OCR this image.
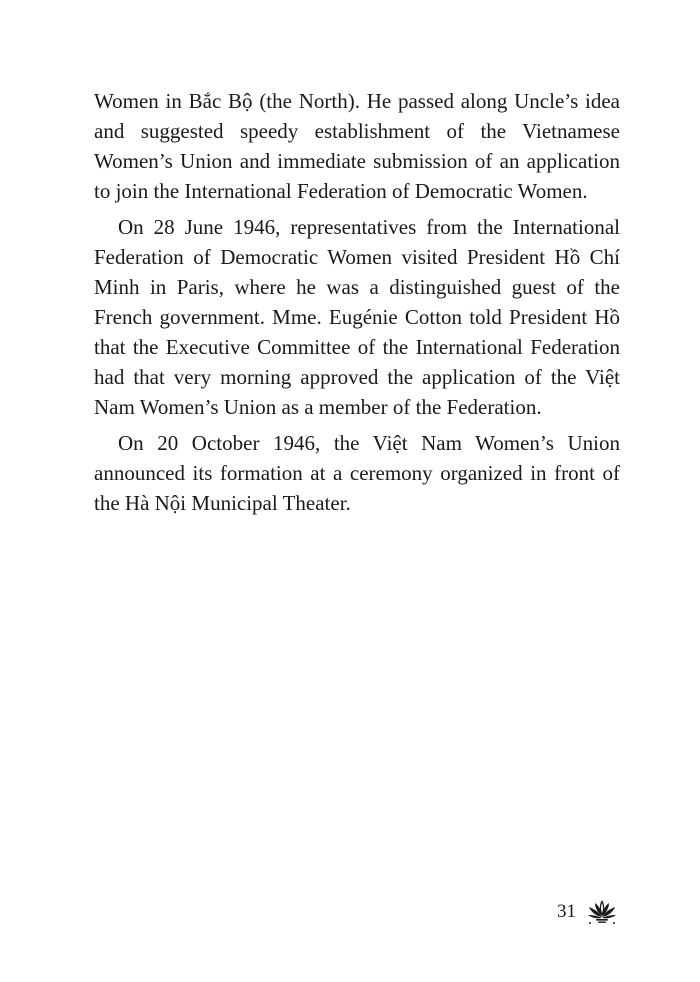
Women in Bắc Bộ (the North). He passed along Uncle’s idea and suggested speedy establishment of the Vietnamese Women’s Union and immediate submission of an application to join the International Federation of Democratic Women.

On 28 June 1946, representatives from the International Federation of Democratic Women visited President Hồ Chí Minh in Paris, where he was a distinguished guest of the French government. Mme. Eugénie Cotton told President Hồ that the Executive Committee of the International Federation had that very morning approved the application of the Việt Nam Women’s Union as a member of the Federation.

On 20 October 1946, the Việt Nam Women’s Union announced its formation at a ceremony organized in front of the Hà Nội Municipal Theater.

31
